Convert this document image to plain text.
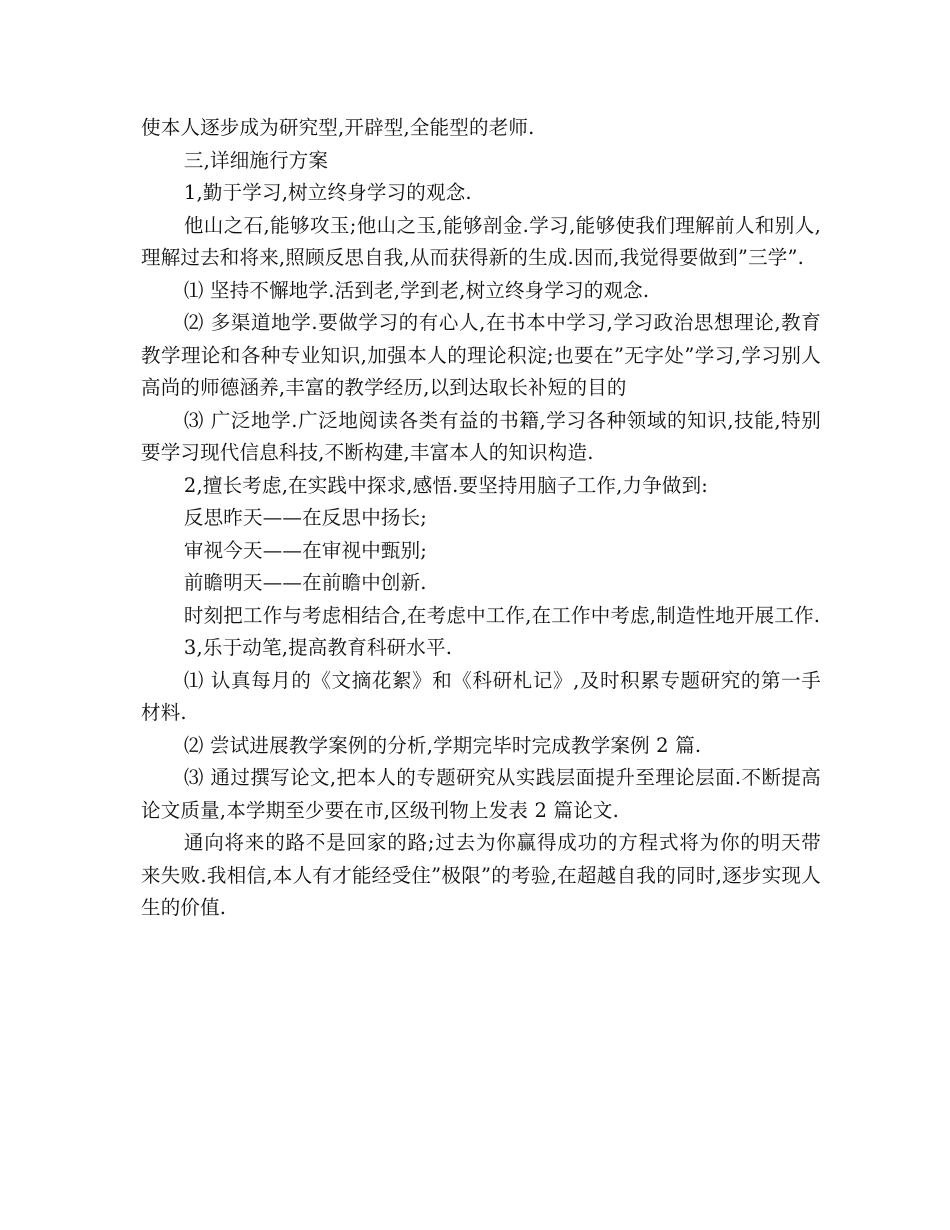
使本人逐步成为研究型,开辟型,全能型的老师.

三,详细施行方案

1,勤于学习,树立终身学习的观念.

他山之石,能够攻玉;他山之玉,能够剖金.学习,能够使我们理解前人和别人,理解过去和将来,照顾反思自我,从而获得新的生成.因而,我觉得要做到”三学”.

⑴ 坚持不懈地学.活到老,学到老,树立终身学习的观念.

⑵ 多渠道地学.要做学习的有心人,在书本中学习,学习政治思想理论,教育教学理论和各种专业知识,加强本人的理论积淀;也要在”无字处”学习,学习别人高尚的师德涵养,丰富的教学经历,以到达取长补短的目的

⑶ 广泛地学.广泛地阅读各类有益的书籍,学习各种领域的知识,技能,特别要学习现代信息科技,不断构建,丰富本人的知识构造.

2,擅长考虑,在实践中探求,感悟.要坚持用脑子工作,力争做到:

反思昨天——在反思中扬长;

审视今天——在审视中甄别;

前瞻明天——在前瞻中创新.

时刻把工作与考虑相结合,在考虑中工作,在工作中考虑,制造性地开展工作.

3,乐于动笔,提高教育科研水平.

⑴ 认真每月的《文摘花絮》和《科研札记》,及时积累专题研究的第一手材料.

⑵ 尝试进展教学案例的分析,学期完毕时完成教学案例 2 篇.

⑶ 通过撰写论文,把本人的专题研究从实践层面提升至理论层面.不断提高论文质量,本学期至少要在市,区级刊物上发表 2 篇论文.

通向将来的路不是回家的路;过去为你赢得成功的方程式将为你的明天带来失败.我相信,本人有才能经受住”极限”的考验,在超越自我的同时,逐步实现人生的价值.
